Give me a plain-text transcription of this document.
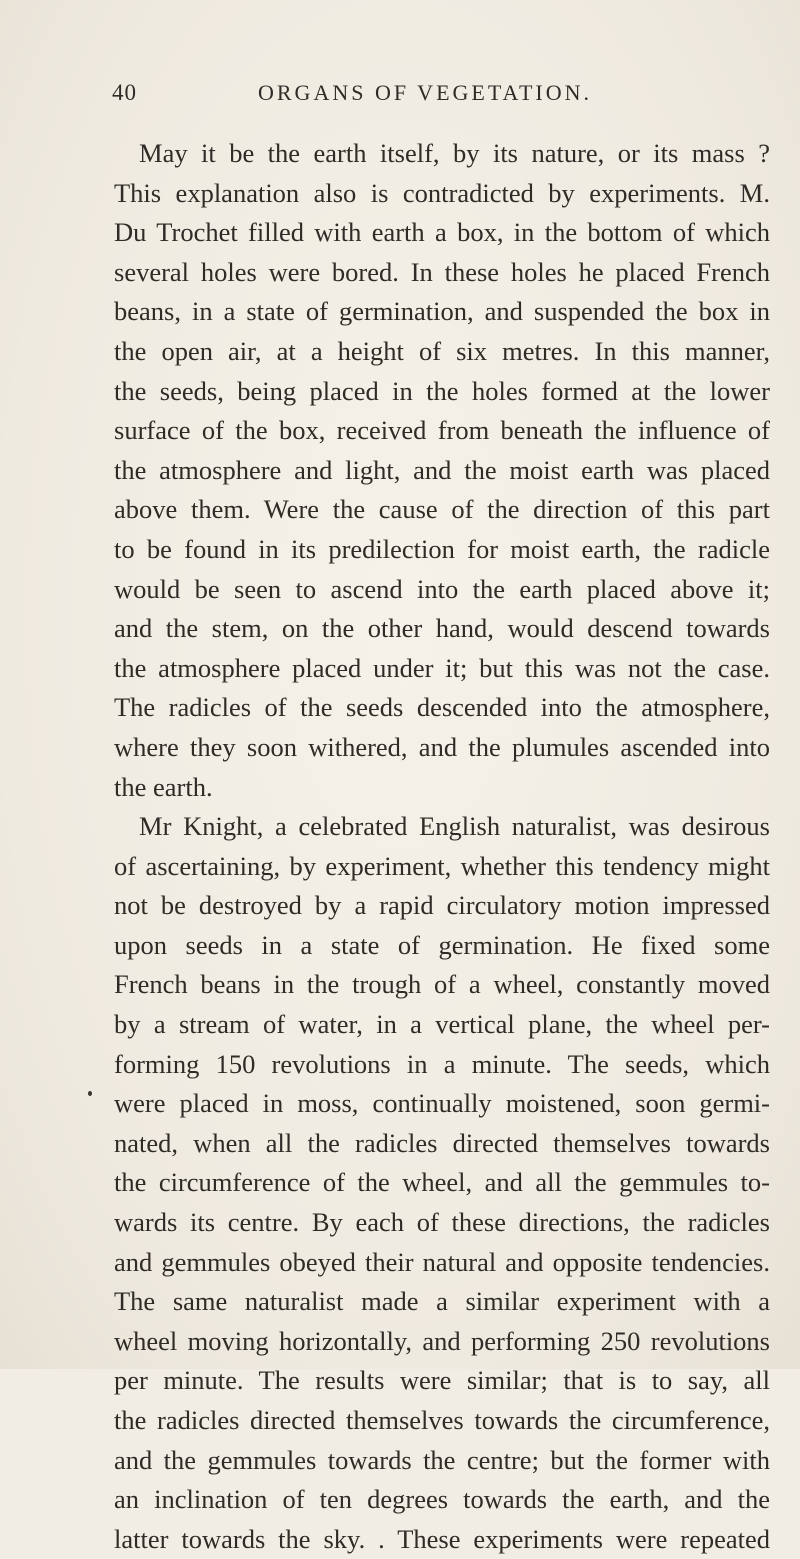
40	ORGANS OF VEGETATION.
May it be the earth itself, by its nature, or its mass ?
This explanation also is contradicted by experiments. M.
Du Trochet filled with earth a box, in the bottom of which
several holes were bored. In these holes he placed French
beans, in a state of germination, and suspended the box in
the open air, at a height of six metres. In this manner,
the seeds, being placed in the holes formed at the lower
surface of the box, received from beneath the influence of
the atmosphere and light, and the moist earth was placed
above them. Were the cause of the direction of this part
to be found in its predilection for moist earth, the radicle
would be seen to ascend into the earth placed above it;
and the stem, on the other hand, would descend towards
the atmosphere placed under it; but this was not the case.
The radicles of the seeds descended into the atmosphere,
where they soon withered, and the plumules ascended into
the earth.
Mr Knight, a celebrated English naturalist, was desirous
of ascertaining, by experiment, whether this tendency might
not be destroyed by a rapid circulatory motion impressed
upon seeds in a state of germination. He fixed some
French beans in the trough of a wheel, constantly moved
by a stream of water, in a vertical plane, the wheel per-
forming 150 revolutions in a minute. The seeds, which
were placed in moss, continually moistened, soon germi-
nated, when all the radicles directed themselves towards
the circumference of the wheel, and all the gemmules to-
wards its centre. By each of these directions, the radicles
and gemmules obeyed their natural and opposite tendencies.
The same naturalist made a similar experiment with a
wheel moving horizontally, and performing 250 revolutions
per minute. The results were similar; that is to say, all
the radicles directed themselves towards the circumference,
and the gemmules towards the centre; but the former with
an inclination of ten degrees towards the earth, and the
latter towards the sky. . These experiments were repeated
